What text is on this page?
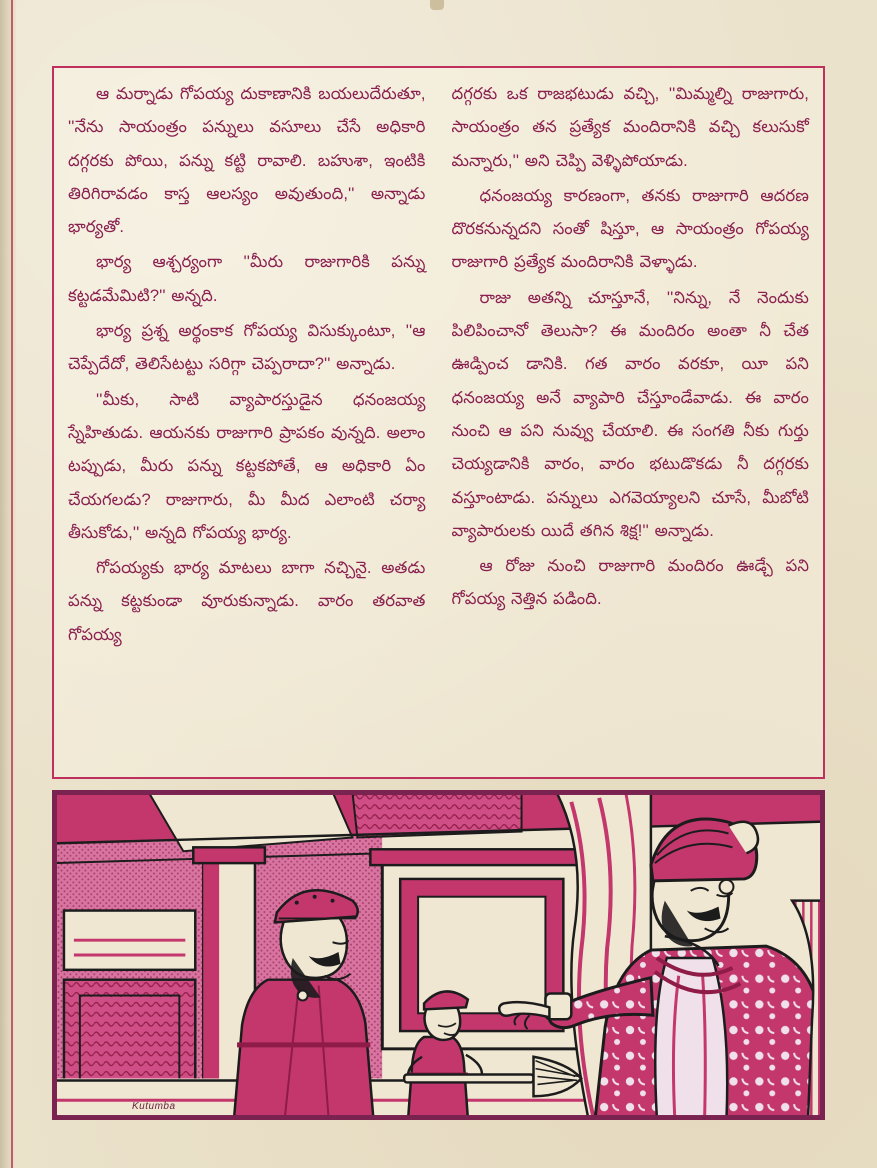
ఆ మర్నాడు గోపయ్య దుకాణానికి బయలుదేరుతూ, ''నేను సాయంత్రం పన్నులు వసూలు చేసే అధికారి దగ్గరకు పోయి, పన్ను కట్టి రావాలి. బహుశా, ఇంటికి తిరిగిరావడం కాస్త ఆలస్యం అవుతుంది,'' అన్నాడు భార్యతో.

భార్య ఆశ్చర్యంగా ''మీరు రాజుగారికి పన్ను కట్టడమేమిటి?'' అన్నది.

భార్య ప్రశ్న అర్థంకాక గోపయ్య విసుక్కుంటూ, ''ఆ చెప్పేదేదో, తెలిసేటట్టు సరిగ్గా చెప్పరాదా?'' అన్నాడు.

''మీకు, సాటి వ్యాపారస్తుడైన ధనంజయ్య స్నేహితుడు. ఆయనకు రాజుగారి ప్రాపకం వున్నది. అలాం టప్పుడు, మీరు పన్ను కట్టకపోతే, ఆ అధికారి ఏం చేయగలడు? రాజుగారు, మీ మీద ఎలాంటి చర్యా తీసుకోడు,'' అన్నది గోపయ్య భార్య.

గోపయ్యకు భార్య మాటలు బాగా నచ్చినై. అతడు పన్ను కట్టకుండా వూరుకున్నాడు. వారం తరవాత గోపయ్య

దగ్గరకు ఒక రాజభటుడు వచ్చి, ''మిమ్మల్ని రాజుగారు, సాయంత్రం తన ప్రత్యేక మందిరానికి వచ్చి కలుసుకో మన్నారు,'' అని చెప్పి వెళ్ళిపోయాడు.

ధనంజయ్య కారణంగా, తనకు రాజుగారి ఆదరణ దొరకనున్నదని సంతో షిస్తూ, ఆ సాయంత్రం గోపయ్య రాజుగారి ప్రత్యేక మందిరానికి వెళ్ళాడు.

రాజు అతన్ని చూస్తూనే, ''నిన్ను, నే నెందుకు పిలిపించానో తెలుసా? ఈ మందిరం అంతా నీ చేత ఊడ్పించ డానికి. గత వారం వరకూ, యీ పని ధనంజయ్య అనే వ్యాపారి చేస్తూండేవాడు. ఈ వారం నుంచి ఆ పని నువ్వు చేయాలి. ఈ సంగతి నీకు గుర్తు చెయ్యడానికి వారం, వారం భటుడొకడు నీ దగ్గరకు వస్తూంటాడు. పన్నులు ఎగవెయ్యాలని చూసే, మీబోటి వ్యాపారులకు యిదే తగిన శిక్ష!'' అన్నాడు.

ఆ రోజు నుంచి రాజుగారి మందిరం ఊడ్చే పని గోపయ్య నెత్తిన పడింది.

Kutumba
